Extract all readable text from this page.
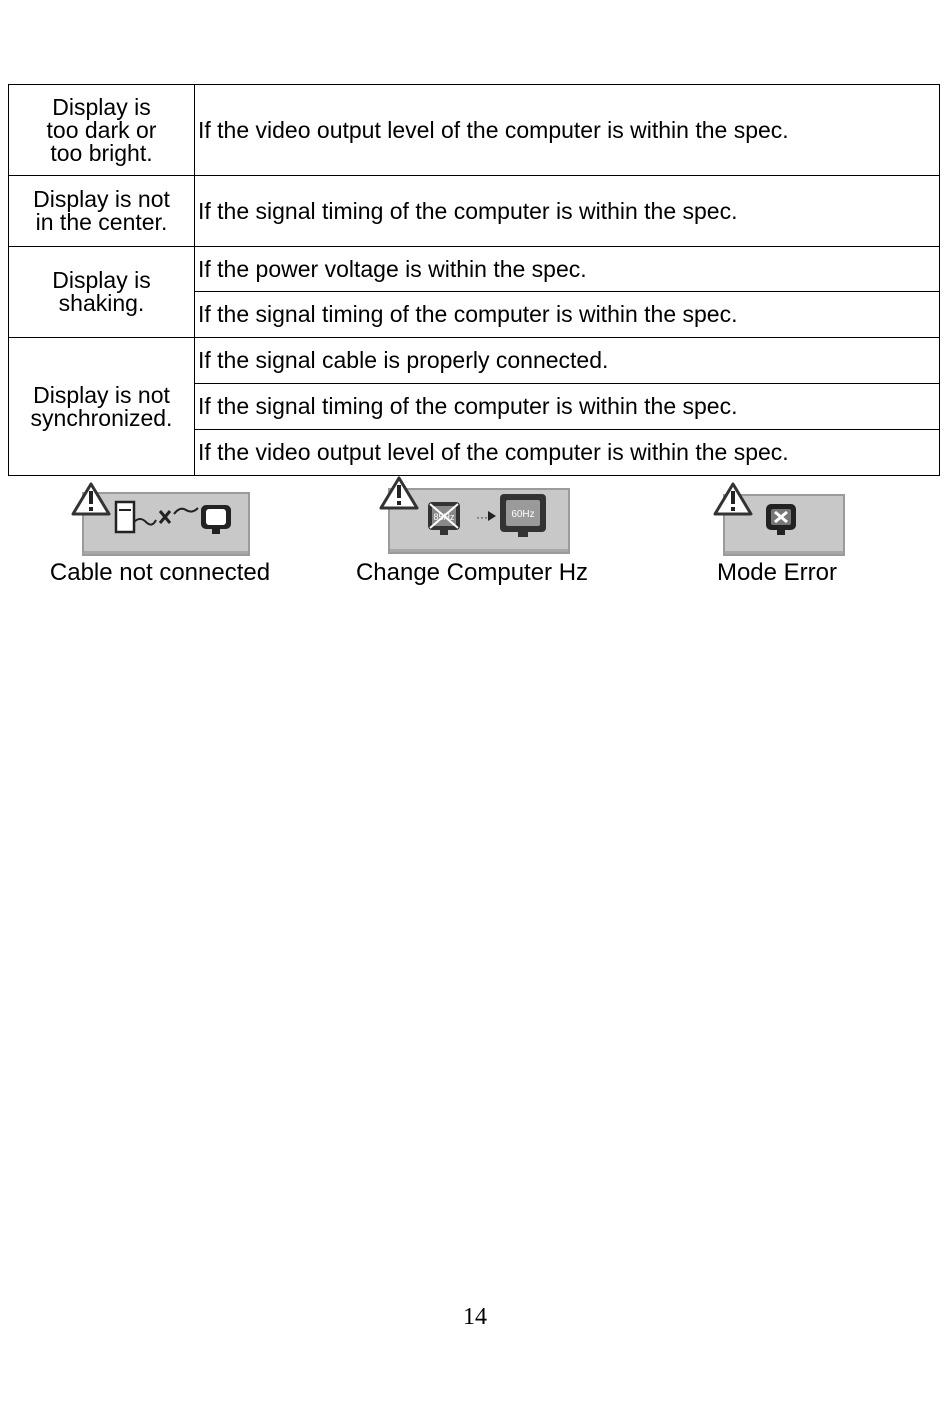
Display is
too dark or
too bright.	If the video output level of the computer is within the spec.
Display is not
in the center.	If the signal timing of the computer is within the spec.
Display is
shaking.	If the power voltage is within the spec.
	If the signal timing of the computer is within the spec.
Display is not
synchronized.	If the signal cable is properly connected.
	If the signal timing of the computer is within the spec.
	If the video output level of the computer is within the spec.
Cable not connected
85Hz ··· 60Hz
Change Computer Hz	Mode Error
14
